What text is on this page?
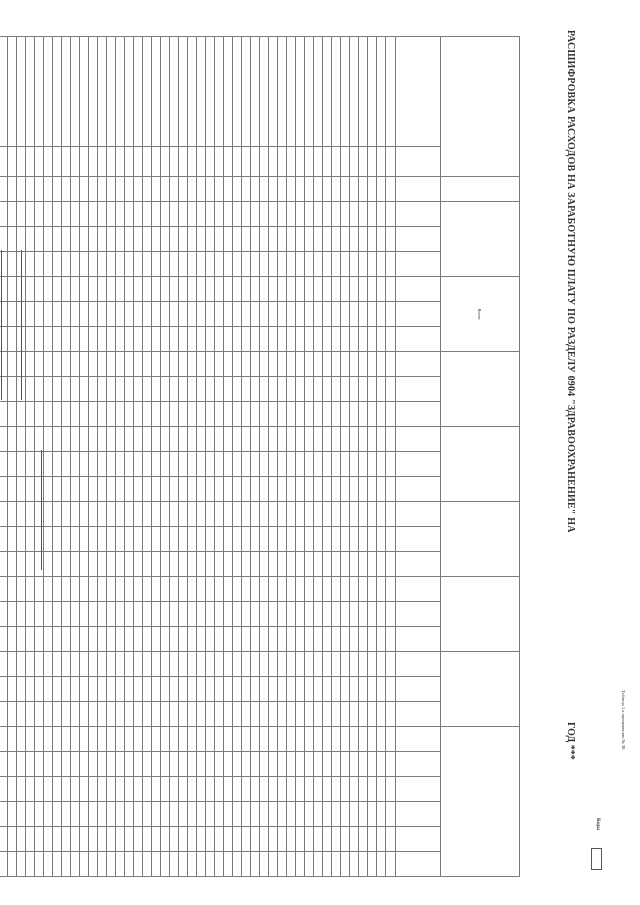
РАСШИФРОВКА РАСХОДОВ НА ЗАРАБОТНУЮ ПЛАТУ ПО РАЗДЕЛУ 0904 "ЗДРАВООХРАНЕНИЕ" НА
ГОД ***	Таблица 1 к приложению № 30
Коды
						Всего																							
